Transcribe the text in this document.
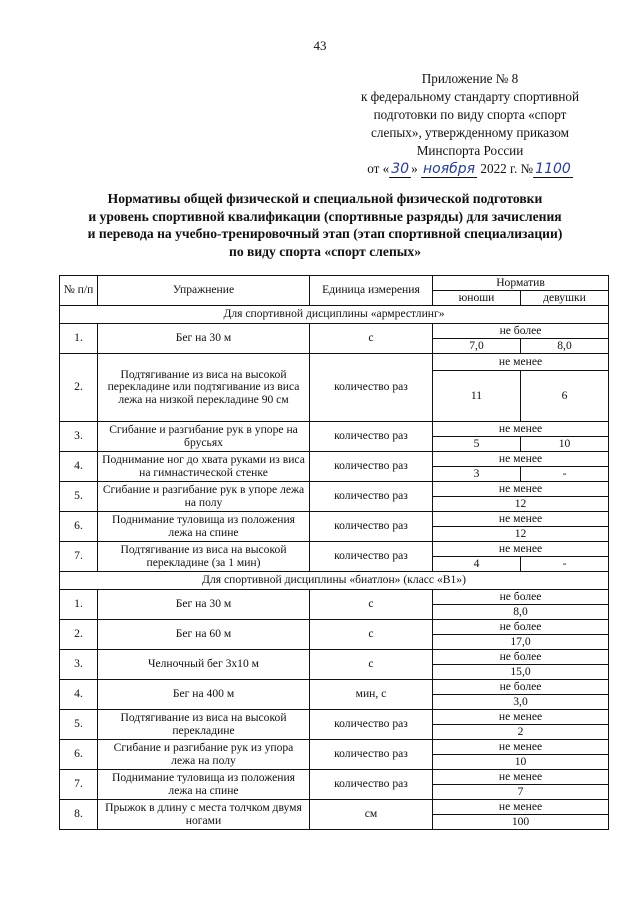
43
Приложение № 8
к федеральному стандарту спортивной
подготовки по виду спорта «спорт
слепых», утвержденному приказом
Минспорта России
от « 30 » ноября 2022 г. № 1100
Нормативы общей физической и специальной физической подготовки
и уровень спортивной квалификации (спортивные разряды) для зачисления
и перевода на учебно-тренировочный этап (этап спортивной специализации)
по виду спорта «спорт слепых»
№ п/п	Упражнение	Единица измерения	Норматив	
			юноши	девушки
Для спортивной дисциплины «армрестлинг»				
1.	Бег на 30 м	с	не более	
			7,0	8,0
2.	Подтягивание из виса на высокой перекладине или подтягивание из виса лежа на низкой перекладине 90 см	количество раз	не менее	
			11	6
3.	Сгибание и разгибание рук в упоре на брусьях	количество раз	не менее	
			5	10
4.	Поднимание ног до хвата руками из виса на гимнастической стенке	количество раз	не менее	
			3	-
5.	Сгибание и разгибание рук в упоре лежа на полу	количество раз	не менее	
			12	
6.	Поднимание туловища из положения лежа на спине	количество раз	не менее	
			12	
7.	Подтягивание из виса на высокой перекладине (за 1 мин)	количество раз	не менее	
			4	-
Для спортивной дисциплины «биатлон» (класс «В1»)				
1.	Бег на 30 м	с	не более	
			8,0	
2.	Бег на 60 м	с	не более	
			17,0	
3.	Челночный бег 3х10 м	с	не более	
			15,0	
4.	Бег на 400 м	мин, с	не более	
			3,0	
5.	Подтягивание из виса на высокой перекладине	количество раз	не менее	
			2	
6.	Сгибание и разгибание рук из упора лежа на полу	количество раз	не менее	
			10	
7.	Поднимание туловища из положения лежа на спине	количество раз	не менее	
			7	
8.	Прыжок в длину с места толчком двумя ногами	см	не менее	
			100	
